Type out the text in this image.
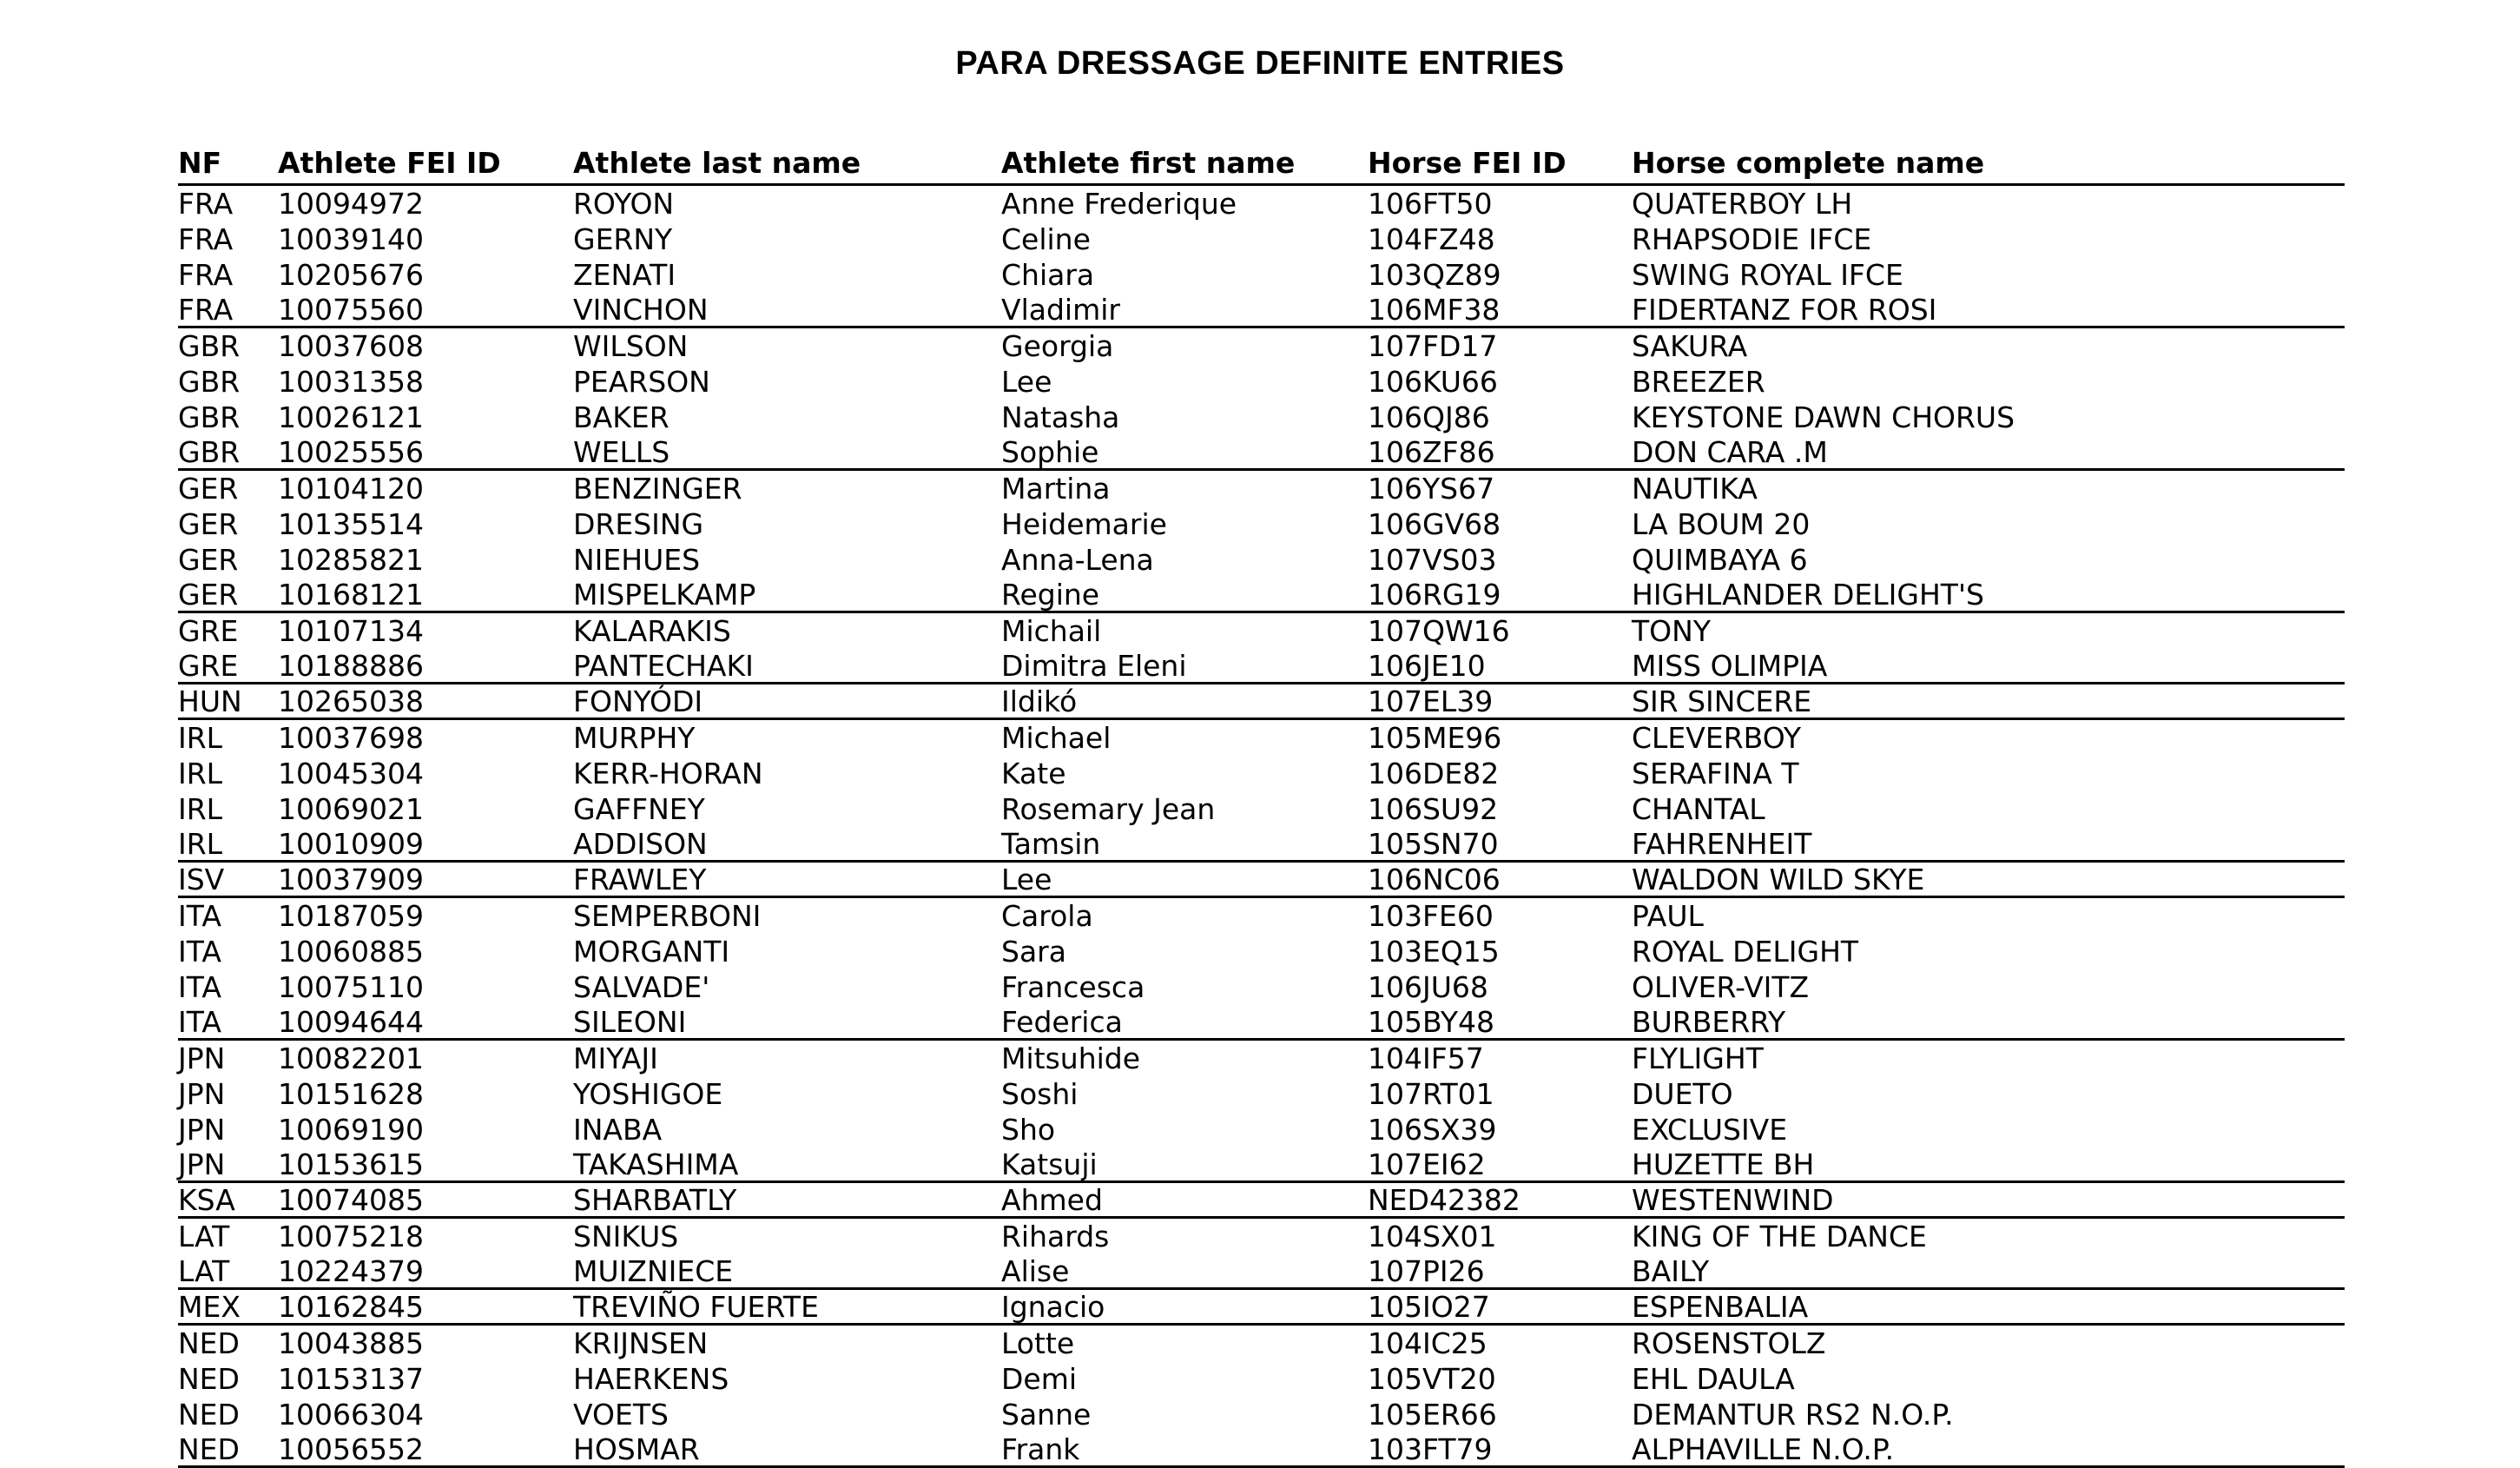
PARA DRESSAGE DEFINITE ENTRIES
NF	Athlete FEI ID	Athlete last name	Athlete first name	Horse FEI ID	Horse complete name
FRA	10094972	ROYON	Anne Frederique	106FT50	QUATERBOY LH
FRA	10039140	GERNY	Celine	104FZ48	RHAPSODIE IFCE
FRA	10205676	ZENATI	Chiara	103QZ89	SWING ROYAL IFCE
FRA	10075560	VINCHON	Vladimir	106MF38	FIDERTANZ FOR ROSI
GBR	10037608	WILSON	Georgia	107FD17	SAKURA
GBR	10031358	PEARSON	Lee	106KU66	BREEZER
GBR	10026121	BAKER	Natasha	106QJ86	KEYSTONE DAWN CHORUS
GBR	10025556	WELLS	Sophie	106ZF86	DON CARA .M
GER	10104120	BENZINGER	Martina	106YS67	NAUTIKA
GER	10135514	DRESING	Heidemarie	106GV68	LA BOUM 20
GER	10285821	NIEHUES	Anna-Lena	107VS03	QUIMBAYA 6
GER	10168121	MISPELKAMP	Regine	106RG19	HIGHLANDER DELIGHT'S
GRE	10107134	KALARAKIS	Michail	107QW16	TONY
GRE	10188886	PANTECHAKI	Dimitra Eleni	106JE10	MISS OLIMPIA
HUN	10265038	FONYÓDI	Ildikó	107EL39	SIR SINCERE
IRL	10037698	MURPHY	Michael	105ME96	CLEVERBOY
IRL	10045304	KERR-HORAN	Kate	106DE82	SERAFINA T
IRL	10069021	GAFFNEY	Rosemary Jean	106SU92	CHANTAL
IRL	10010909	ADDISON	Tamsin	105SN70	FAHRENHEIT
ISV	10037909	FRAWLEY	Lee	106NC06	WALDON WILD SKYE
ITA	10187059	SEMPERBONI	Carola	103FE60	PAUL
ITA	10060885	MORGANTI	Sara	103EQ15	ROYAL DELIGHT
ITA	10075110	SALVADE'	Francesca	106JU68	OLIVER-VITZ
ITA	10094644	SILEONI	Federica	105BY48	BURBERRY
JPN	10082201	MIYAJI	Mitsuhide	104IF57	FLYLIGHT
JPN	10151628	YOSHIGOE	Soshi	107RT01	DUETO
JPN	10069190	INABA	Sho	106SX39	EXCLUSIVE
JPN	10153615	TAKASHIMA	Katsuji	107EI62	HUZETTE BH
KSA	10074085	SHARBATLY	Ahmed	NED42382	WESTENWIND
LAT	10075218	SNIKUS	Rihards	104SX01	KING OF THE DANCE
LAT	10224379	MUIZNIECE	Alise	107PI26	BAILY
MEX	10162845	TREVIÑO FUERTE	Ignacio	105IO27	ESPENBALIA
NED	10043885	KRIJNSEN	Lotte	104IC25	ROSENSTOLZ
NED	10153137	HAERKENS	Demi	105VT20	EHL DAULA
NED	10066304	VOETS	Sanne	105ER66	DEMANTUR RS2 N.O.P.
NED	10056552	HOSMAR	Frank	103FT79	ALPHAVILLE N.O.P.
